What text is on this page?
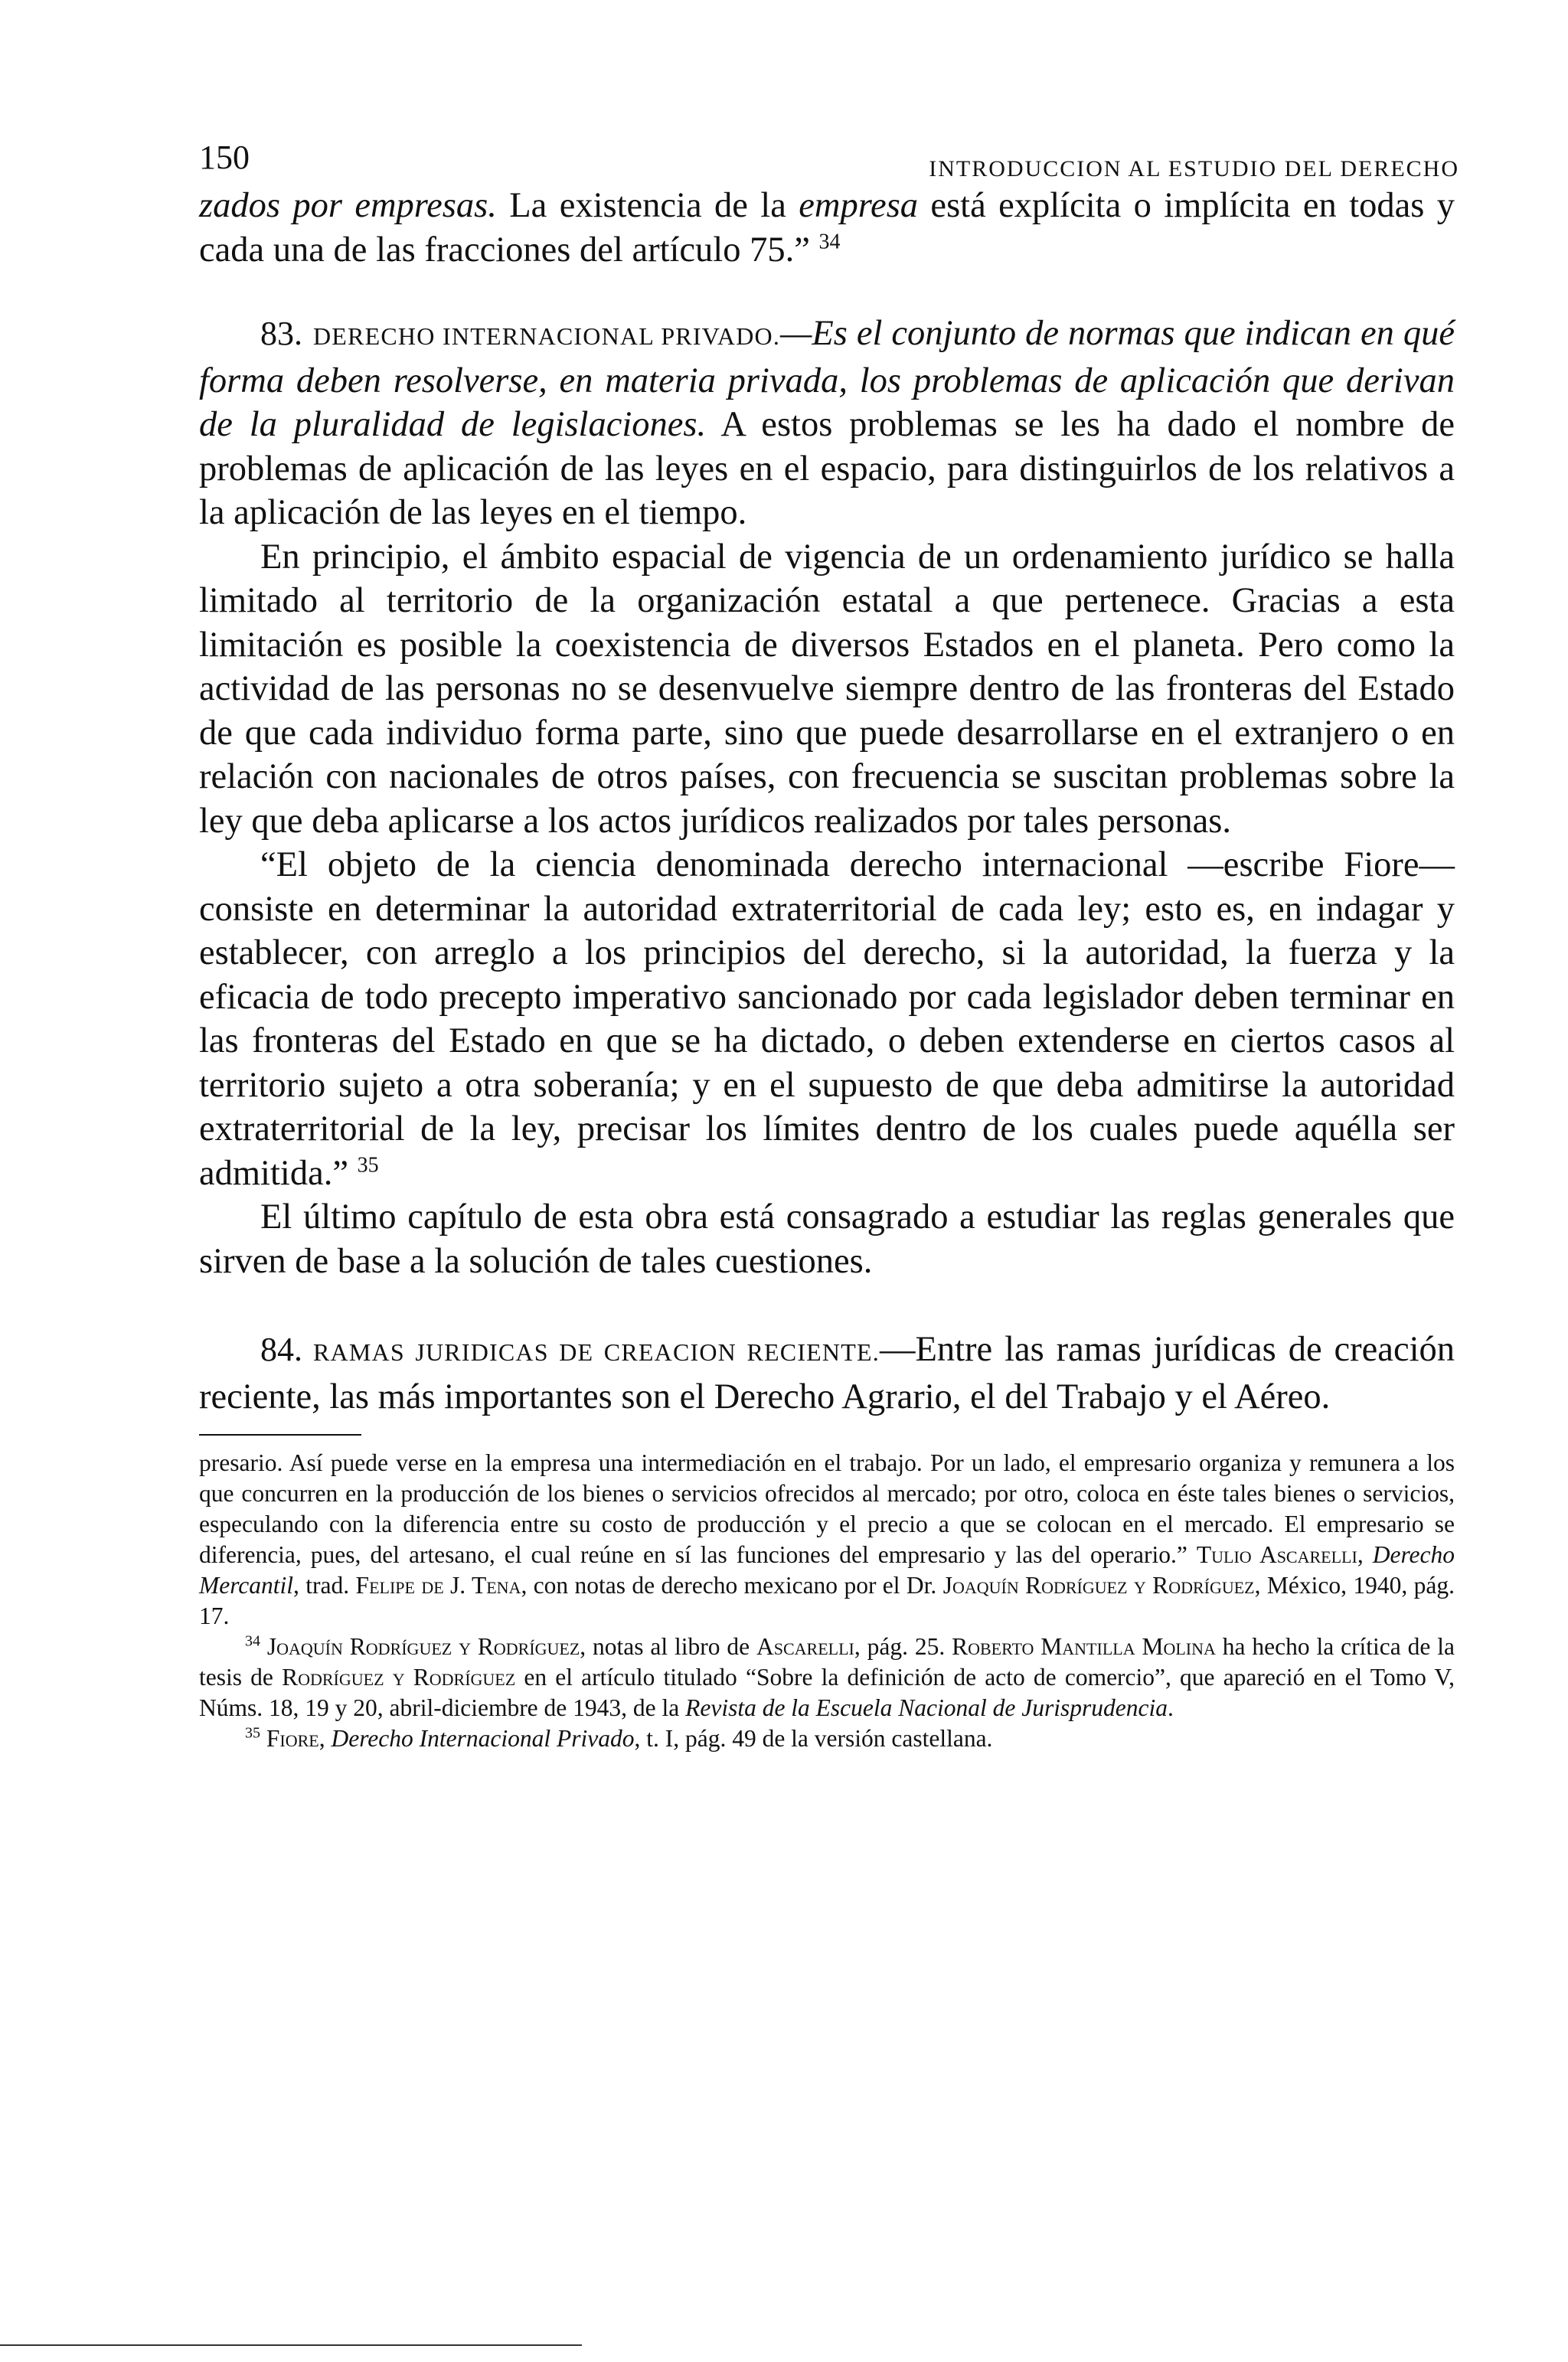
150	INTRODUCCION AL ESTUDIO DEL DERECHO

zados por empresas. La existencia de la empresa está explícita o implícita en todas y cada una de las fracciones del artículo 75.” $^{34}$

83. DERECHO INTERNACIONAL PRIVADO.—Es el conjunto de normas que indican en qué forma deben resolverse, en materia privada, los problemas de aplicación que derivan de la pluralidad de legislaciones. A estos problemas se les ha dado el nombre de problemas de aplicación de las leyes en el espacio, para distinguirlos de los relativos a la aplicación de las leyes en el tiempo.

En principio, el ámbito espacial de vigencia de un ordenamiento jurídico se halla limitado al territorio de la organización estatal a que pertenece. Gracias a esta limitación es posible la coexistencia de diversos Estados en el planeta. Pero como la actividad de las personas no se desenvuelve siempre dentro de las fronteras del Estado de que cada individuo forma parte, sino que puede desarrollarse en el extranjero o en relación con nacionales de otros países, con frecuencia se suscitan problemas sobre la ley que deba aplicarse a los actos jurídicos realizados por tales personas.

“El objeto de la ciencia denominada derecho internacional —escribe Fiore— consiste en determinar la autoridad extraterritorial de cada ley; esto es, en indagar y establecer, con arreglo a los principios del derecho, si la autoridad, la fuerza y la eficacia de todo precepto imperativo sancionado por cada legislador deben terminar en las fronteras del Estado en que se ha dictado, o deben extenderse en ciertos casos al territorio sujeto a otra soberanía; y en el supuesto de que deba admitirse la autoridad extraterritorial de la ley, precisar los límites dentro de los cuales puede aquélla ser admitida.” $^{35}$

El último capítulo de esta obra está consagrado a estudiar las reglas generales que sirven de base a la solución de tales cuestiones.

84. RAMAS JURIDICAS DE CREACION RECIENTE.—Entre las ramas jurídicas de creación reciente, las más importantes son el Derecho Agrario, el del Trabajo y el Aéreo.

presario. Así puede verse en la empresa una intermediación en el trabajo. Por un lado, el empresario organiza y remunera a los que concurren en la producción de los bienes o servicios ofrecidos al mercado; por otro, coloca en éste tales bienes o servicios, especulando con la diferencia entre su costo de producción y el precio a que se colocan en el mercado. El empresario se diferencia, pues, del artesano, el cual reúne en sí las funciones del empresario y las del operario.” Tulio Ascarelli, Derecho Mercantil, trad. Felipe de J. Tena, con notas de derecho mexicano por el Dr. Joaquín Rodríguez y Rodríguez, México, 1940, pág. 17.

$^{34}$ Joaquín Rodríguez y Rodríguez, notas al libro de Ascarelli, pág. 25. Roberto Mantilla Molina ha hecho la crítica de la tesis de Rodríguez y Rodríguez en el artículo titulado “Sobre la definición de acto de comercio”, que apareció en el Tomo V, Núms. 18, 19 y 20, abril-diciembre de 1943, de la Revista de la Escuela Nacional de Jurisprudencia.

$^{35}$ Fiore, Derecho Internacional Privado, t. I, pág. 49 de la versión castellana.
